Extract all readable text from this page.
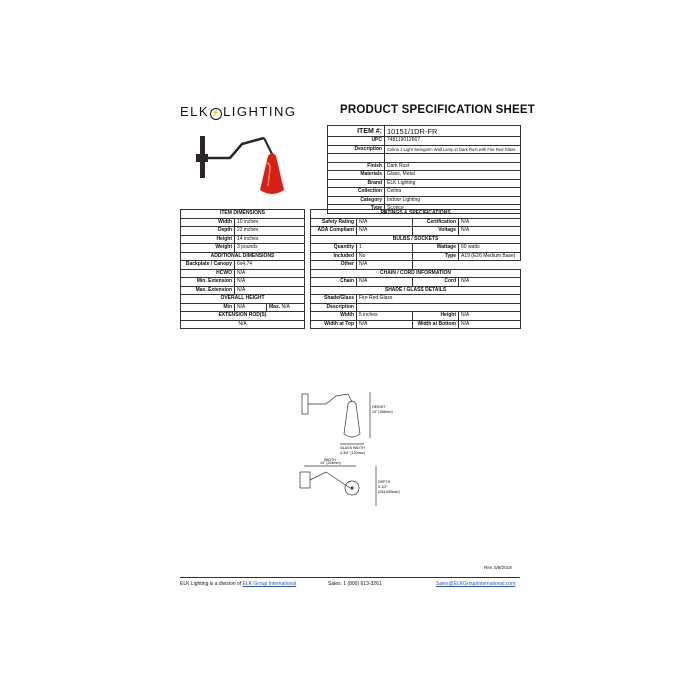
ELK ⚡ LIGHTING	PRODUCT SPECIFICATION SHEET
ITEM #:	10151/1DR-FR
UPC	748119012667
Description	Celina 1-Light Swingarm Wall Lamp in Dark Rust with Fire Red Glass

Finish	Dark Rust
Materials	Glass, Metal
Brand	ELK Lighting
Collection	Celina
Category	Indoor Lighting
Type	Sconce
ITEM DIMENSIONS		
Width	10 inches	
Depth	22 inches	
Height	14 inches	
Weight	3 pounds	
ADDITIONAL DIMENSIONS		
Backplate / Canopy	6x4.74	
HCWO	N/A	
Min. Extension	N/A	
Max. Extension	N/A	
OVERALL HEIGHT		
Min	N/A	Max. N/A
EXTENSION ROD(S)		
N/A		
RATINGS & SPECIFICATIONS			
Safety Rating	N/A	Certification	N/A
ADA Compliant	N/A	Voltage	N/A
BULBS / SOCKETS			
Quantity	1	Wattage	60 watts
Included	No	Type	A19 (E26 Medium Base)
Other	N/A		
CHAIN / CORD INFORMATION			
Chain	N/A	Cord	N/A
SHADE / GLASS DETAILS			
Shade/Glass	Fire Red Glass		
Description			
Width	5 inches	Height	N/A
Width at Top	N/A	Width at Bottom	N/A
HEIGHT
14" (356mm)
GLASS WIDTH
4-3/4" (120mm)
WIDTH
10" (254mm)
DEPTH
9-1/2"
(254-559mm)
Rev. 5/9/2019
ELK Lighting is a division of ELK Group International	Sales: 1 (800) 613-3261	Sales@ELKGroupInternational.com
